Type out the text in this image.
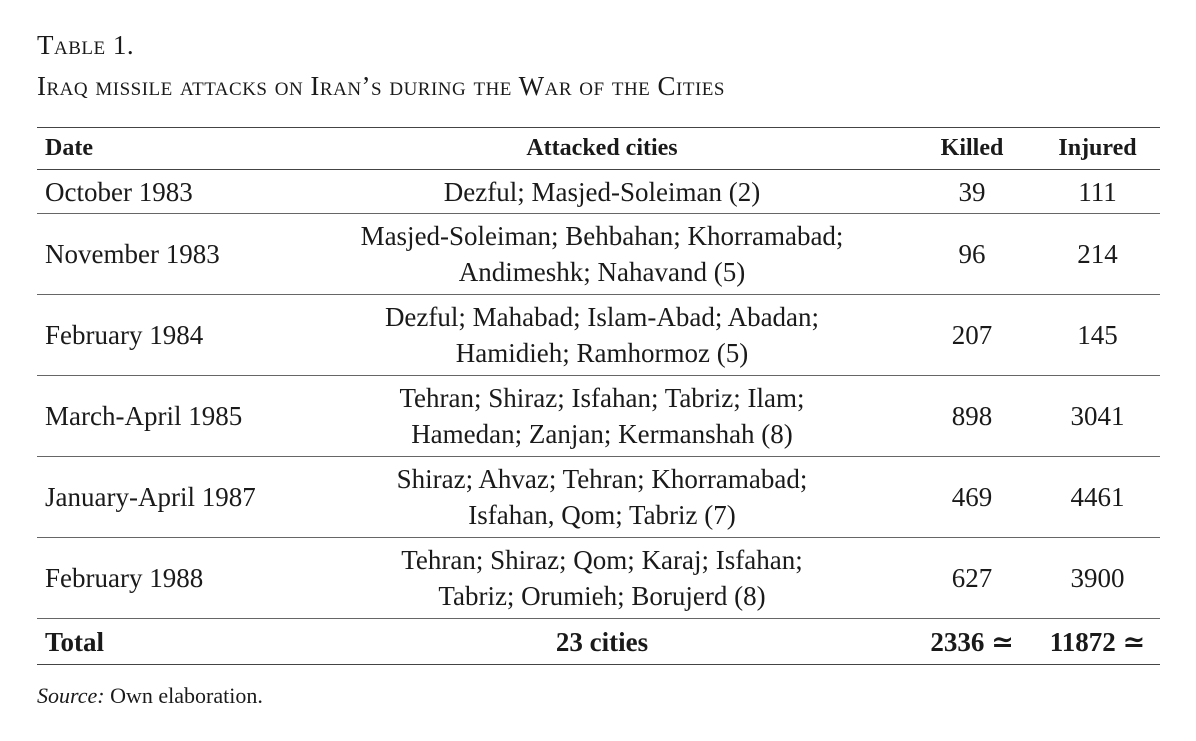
Table 1.
Iraq missile attacks on Iran’s during the War of the Cities
Date	Attacked cities	Killed	Injured
October 1983	Dezful; Masjed-Soleiman (2)	39	111
November 1983	Masjed-Soleiman; Behbahan; Khorramabad;
Andimeshk; Nahavand (5)	96	214
February 1984	Dezful; Mahabad; Islam-Abad; Abadan;
Hamidieh; Ramhormoz (5)	207	145
March-April 1985	Tehran; Shiraz; Isfahan; Tabriz; Ilam;
Hamedan; Zanjan; Kermanshah (8)	898	3041
January-April 1987	Shiraz; Ahvaz; Tehran; Khorramabad;
Isfahan, Qom; Tabriz (7)	469	4461
February 1988	Tehran; Shiraz; Qom; Karaj; Isfahan;
Tabriz; Orumieh; Borujerd (8)	627	3900
Total	23 cities	2336 ≃	11872 ≃
Source: Own elaboration.
